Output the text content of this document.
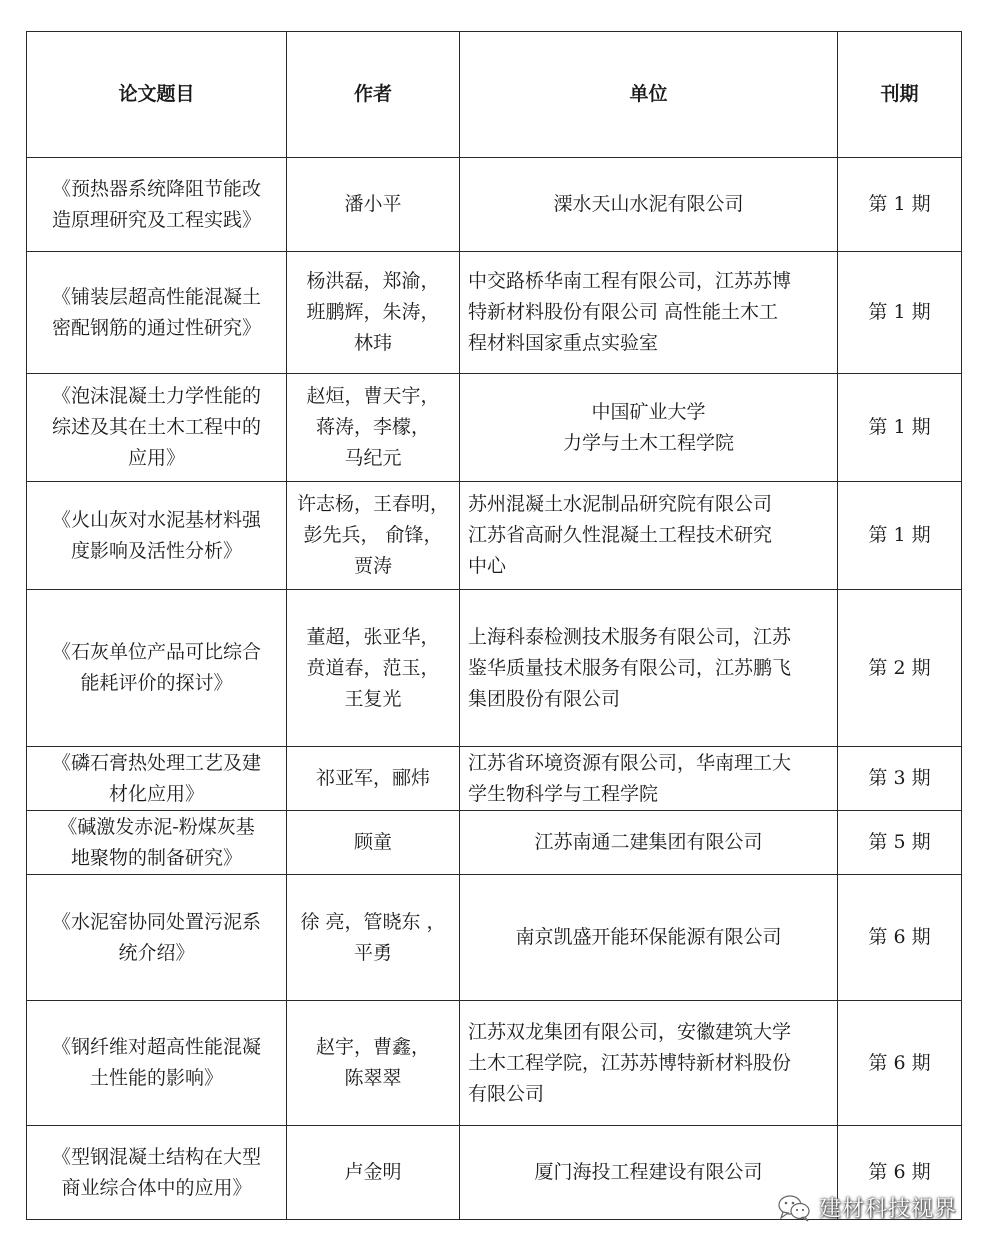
论文题目	作者	单位	刊期
《预热器系统降阻节能改
造原理研究及工程实践》	潘小平	溧水天山水泥有限公司	第 1 期
《铺装层超高性能混凝土
密配钢筋的通过性研究》	杨洪磊，郑渝，
班鹏辉，朱涛，
林玮	中交路桥华南工程有限公司，江苏苏博
特新材料股份有限公司 高性能土木工
程材料国家重点实验室	第 1 期
《泡沫混凝土力学性能的
综述及其在土木工程中的
应用》	赵烜，曹天宇，
蒋涛，李檬，
马纪元	中国矿业大学
力学与土木工程学院	第 1 期
《火山灰对水泥基材料强
度影响及活性分析》	许志杨，王春明，
彭先兵， 俞锋，
贾涛	苏州混凝土水泥制品研究院有限公司
江苏省高耐久性混凝土工程技术研究
中心	第 1 期
《石灰单位产品可比综合
能耗评价的探讨》	董超，张亚华，
贲道春，范玉，
王复光	上海科泰检测技术服务有限公司，江苏
鉴华质量技术服务有限公司，江苏鹏飞
集团股份有限公司	第 2 期
《磷石膏热处理工艺及建
材化应用》	祁亚军，郦炜	江苏省环境资源有限公司，华南理工大
学生物科学与工程学院	第 3 期
《碱激发赤泥-粉煤灰基
地聚物的制备研究》	顾童	江苏南通二建集团有限公司	第 5 期
《水泥窑协同处置污泥系
统介绍》	徐 亮，管晓东 ，
平勇	南京凯盛开能环保能源有限公司	第 6 期
《钢纤维对超高性能混凝
土性能的影响》	赵宇，曹鑫，
陈翠翠	江苏双龙集团有限公司，安徽建筑大学
土木工程学院，江苏苏博特新材料股份
有限公司	第 6 期
《型钢混凝土结构在大型
商业综合体中的应用》	卢金明	厦门海投工程建设有限公司	第 6 期
建材科技视界
